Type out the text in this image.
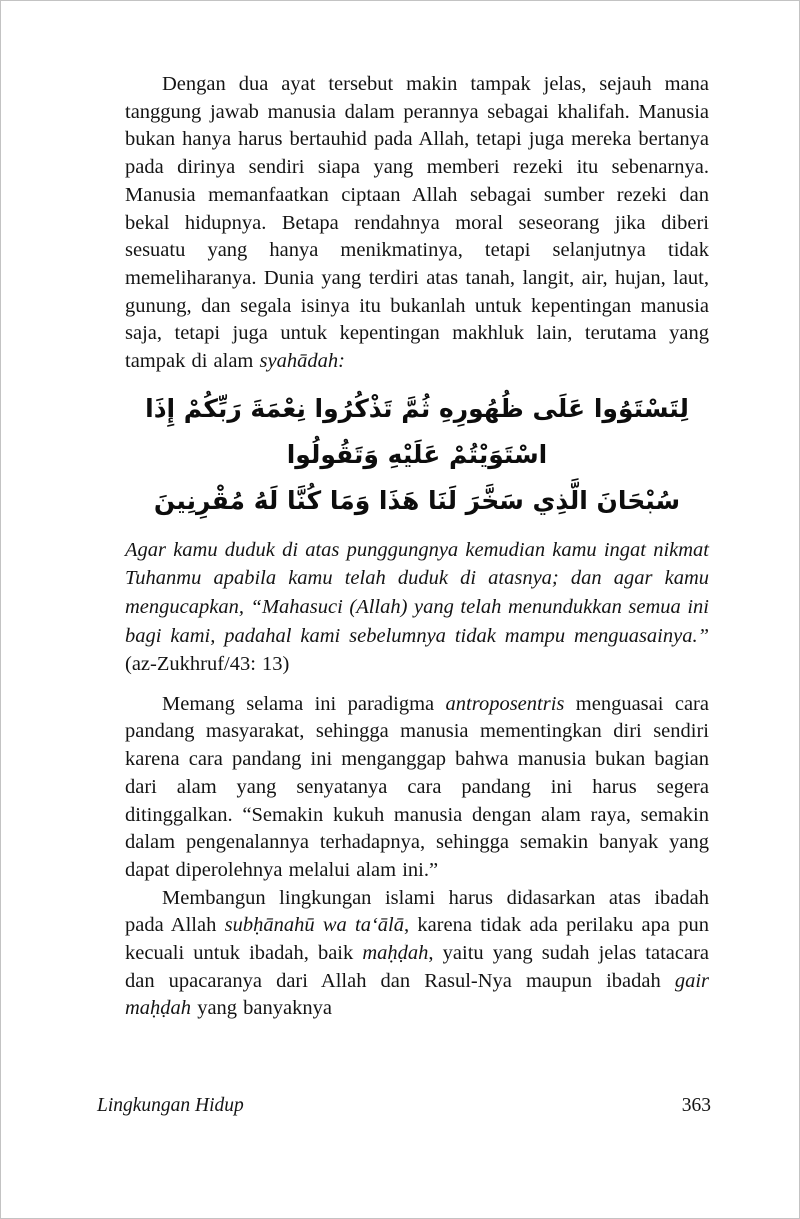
Dengan dua ayat tersebut makin tampak jelas, sejauh mana tanggung jawab manusia dalam perannya sebagai khalifah. Manusia bukan hanya harus bertauhid pada Allah, tetapi juga mereka bertanya pada dirinya sendiri siapa yang memberi rezeki itu sebenarnya. Manusia memanfaatkan ciptaan Allah sebagai sumber rezeki dan bekal hidupnya. Betapa rendahnya moral seseorang jika diberi sesuatu yang hanya menikmatinya, tetapi selanjutnya tidak memeliharanya. Dunia yang terdiri atas tanah, langit, air, hujan, laut, gunung, dan segala isinya itu bukanlah untuk kepentingan manusia saja, tetapi juga untuk kepentingan makhluk lain, terutama yang tampak di alam syahādah:

لِتَسْتَوُوا عَلَى ظُهُورِهِ ثُمَّ تَذْكُرُوا نِعْمَةَ رَبِّكُمْ إِذَا اسْتَوَيْتُمْ عَلَيْهِ وَتَقُولُوا
سُبْحَانَ الَّذِي سَخَّرَ لَنَا هَذَا وَمَا كُنَّا لَهُ مُقْرِنِينَ

Agar kamu duduk di atas punggungnya kemudian kamu ingat nikmat Tuhanmu apabila kamu telah duduk di atasnya; dan agar kamu mengucapkan, “Mahasuci (Allah) yang telah menundukkan semua ini bagi kami, padahal kami sebelumnya tidak mampu menguasainya.” (az-Zukhruf/43: 13)

Memang selama ini paradigma antroposentris menguasai cara pandang masyarakat, sehingga manusia mementingkan diri sendiri karena cara pandang ini menganggap bahwa manusia bukan bagian dari alam yang senyatanya cara pandang ini harus segera ditinggalkan. “Semakin kukuh manusia dengan alam raya, semakin dalam pengenalannya terhadapnya, sehingga semakin banyak yang dapat diperolehnya melalui alam ini.”

Membangun lingkungan islami harus didasarkan atas ibadah pada Allah subḥānahū wa ta‘ālā, karena tidak ada perilaku apa pun kecuali untuk ibadah, baik maḥḍah, yaitu yang sudah jelas tatacara dan upacaranya dari Allah dan Rasul-Nya maupun ibadah gair maḥḍah yang banyaknya

Lingkungan Hidup	363
